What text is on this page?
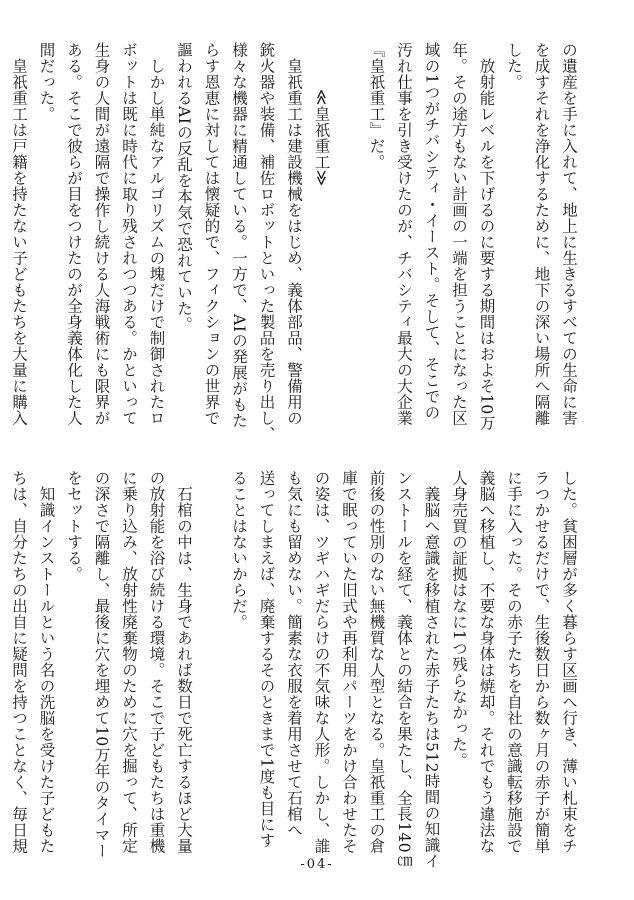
の遺産を手に入れて、地上に生きるすべての生命に害
を成すそれを浄化するために、地下の深い場所へ隔離
した。
放射能レベルを下げるのに要する期間はおよそ10万
年。その途方もない計画の一端を担うことになった区
域の1つがチバシティ・イースト。そして、そこでの
汚れ仕事を引き受けたのが、チバシティ最大の大企業
『皇祇重工』だ。

≪皇祇重工≫
皇祇重工は建設機械をはじめ、義体部品、警備用の
銃火器や装備、補佐ロボットといった製品を売り出し、
様々な機器に精通している。一方で、AIの発展がもた
らす恩恵に対しては懐疑的で、フィクションの世界で
謳われるAIの反乱を本気で恐れていた。
しかし単純なアルゴリズムの塊だけで制御されたロ
ボットは既に時代に取り残されつつある。かといって
生身の人間が遠隔で操作し続ける人海戦術にも限界が
ある。そこで彼らが目をつけたのが全身義体化した人
間だった。
皇祇重工は戸籍を持たない子どもたちを大量に購入
した。貧困層が多く暮らす区画へ行き、薄い札束をチ
ラつかせるだけで、生後数日から数ヶ月の赤子が簡単
に手に入った。その赤子たちを自社の意識転移施設で
義脳へ移植し、不要な身体は焼却。それでもう違法な
人身売買の証拠はなに1つ残らなかった。
義脳へ意識を移植された赤子たちは512時間の知識イ
ンストールを経て、義体との結合を果たし、全長140㎝
前後の性別のない無機質な人型となる。皇祇重工の倉
庫で眠っていた旧式や再利用パーツをかけ合わせたそ
の姿は、ツギハギだらけの不気味な人形。しかし、誰
も気にも留めない。簡素な衣服を着用させて石棺へ
送ってしまえば、廃棄するそのときまで1度も目にす
ることはないからだ。

石棺の中は、生身であれば数日で死亡するほど大量
の放射能を浴び続ける環境。そこで子どもたちは重機
に乗り込み、放射性廃棄物のために穴を掘って、所定
の深さで隔離し、最後に穴を埋めて10万年のタイマー
をセットする。
知識インストールという名の洗脳を受けた子どもた
ちは、自分たちの出自に疑問を持つことなく、毎日規
-04-
